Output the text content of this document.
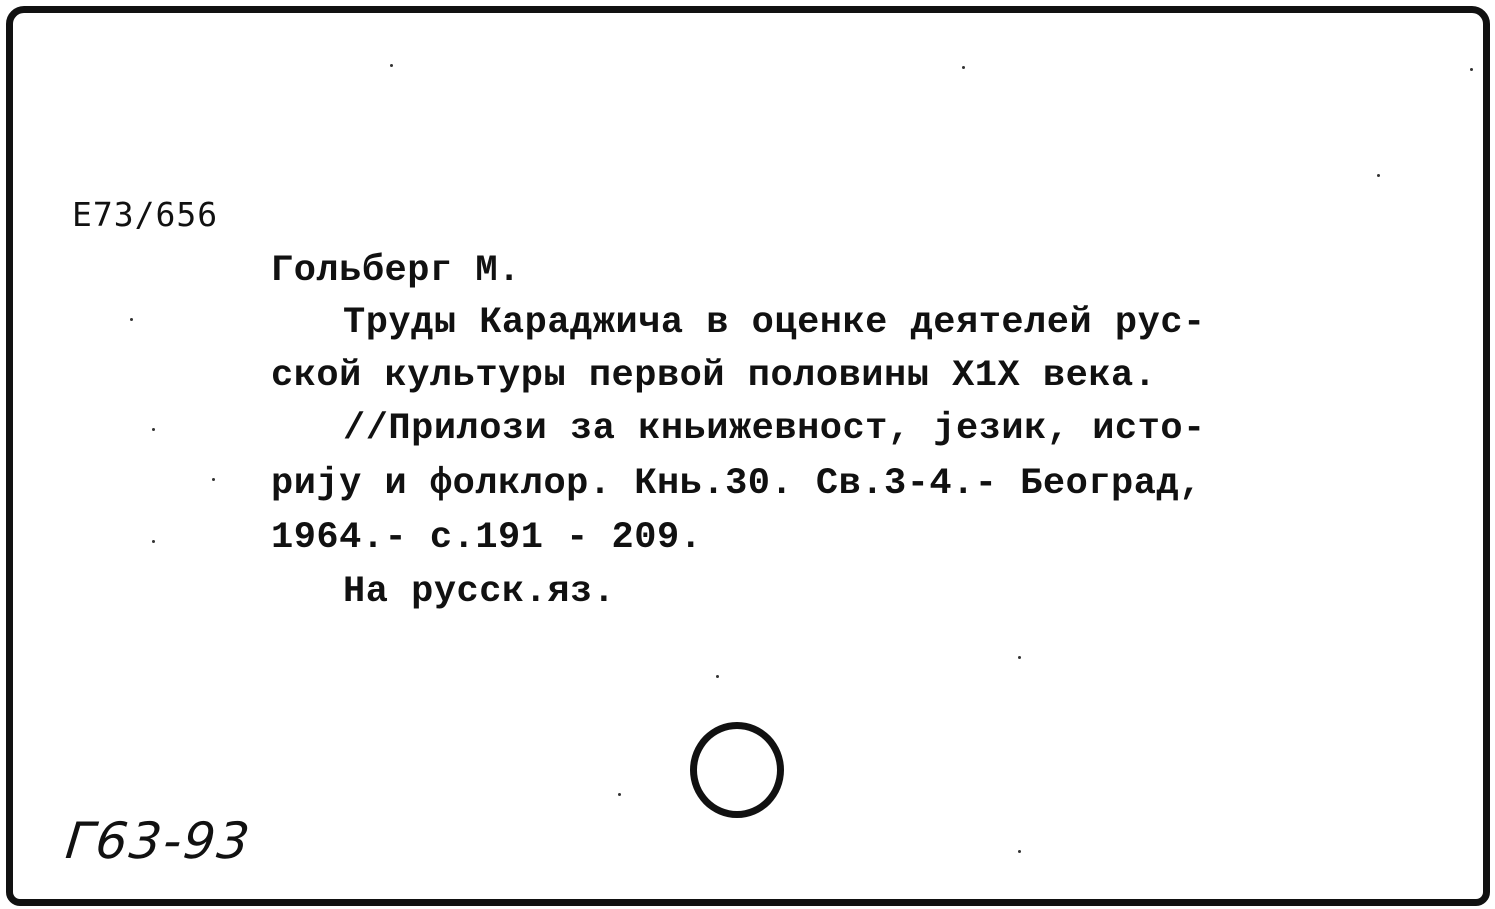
Е73/656
Гольберг М.
Труды Караджича в оценке деятелей рус-
ской культуры первой половины Х1Х века.
//Прилози за кньижевност, језик, исто-
рију и фолклор. Кнь.30. Св.3-4.- Београд,
1964.- с.191 - 209.
На русск.яз.
Г63-93
